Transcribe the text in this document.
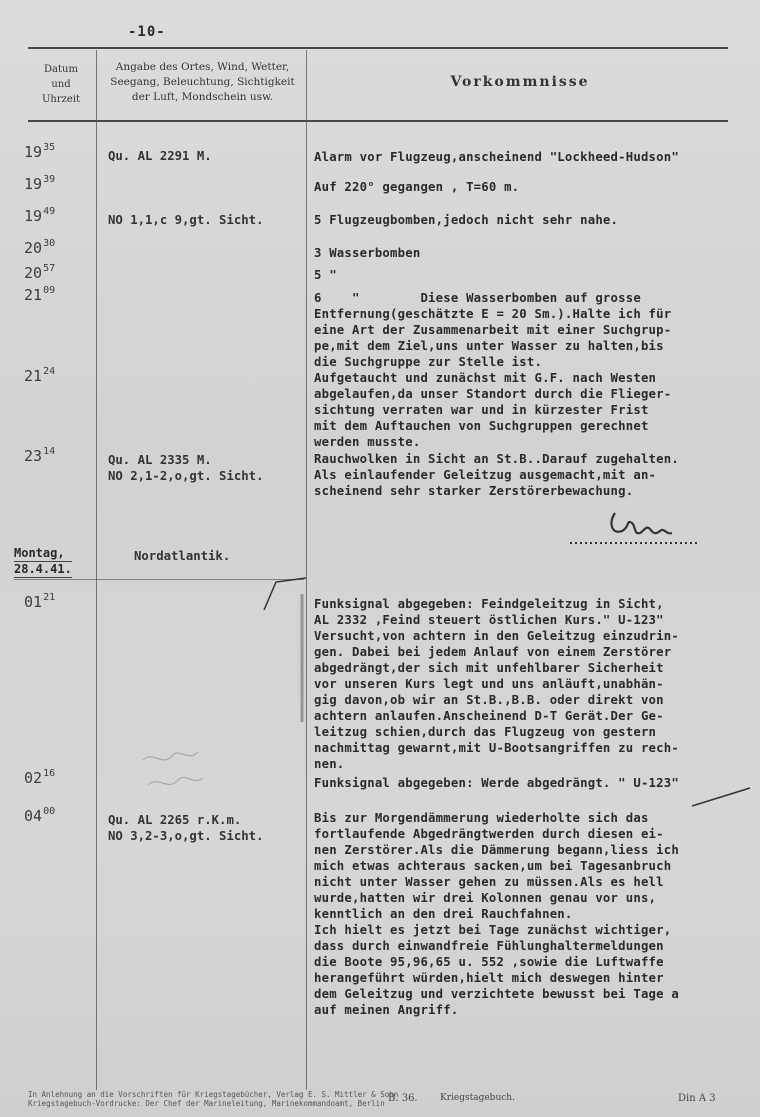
-10-
Datum
und
Uhrzeit
Angabe des Ortes, Wind, Wetter,
Seegang, Beleuchtung, Sichtigkeit
der Luft, Mondschein usw.
Vorkommnisse
$19^{35}$
$19^{39}$
$19^{49}$
$20^{30}$
$20^{57}$
$21^{09}$
$21^{24}$
$23^{14}$
$01^{21}$
$02^{16}$
$04^{00}$
Qu. AL 2291 M.
NO 1,1,c 9,gt. Sicht.
Qu. AL 2335 M.
NO 2,1-2,o,gt. Sicht.
Qu. AL 2265 r.K.m.
NO 3,2-3,o,gt. Sicht.
Montag,
28.4.41.
Nordatlantik.
Alarm vor Flugzeug,anscheinend "Lockheed-Hudson"
Auf 220° gegangen , T=60 m.
5 Flugzeugbomben,jedoch nicht sehr nahe.
3 Wasserbomben
5 "
6    "        Diese Wasserbomben auf grosse
Entfernung(geschätzte E = 20 Sm.).Halte ich für
eine Art der Zusammenarbeit mit einer Suchgrup-
pe,mit dem Ziel,uns unter Wasser zu halten,bis
die Suchgruppe zur Stelle ist.
Aufgetaucht und zunächst mit G.F. nach Westen
abgelaufen,da unser Standort durch die Flieger-
sichtung verraten war und in kürzester Frist
mit dem Auftauchen von Suchgruppen gerechnet
werden musste.
Rauchwolken in Sicht an St.B..Darauf zugehalten.
Als einlaufender Geleitzug ausgemacht,mit an-
scheinend sehr starker Zerstörerbewachung.
Funksignal abgegeben: Feindgeleitzug in Sicht,
AL 2332 ,Feind steuert östlichen Kurs." U-123"
Versucht,von achtern in den Geleitzug einzudrin-
gen. Dabei bei jedem Anlauf von einem Zerstörer
abgedrängt,der sich mit unfehlbarer Sicherheit
vor unseren Kurs legt und uns anläuft,unabhän-
gig davon,ob wir an St.B.,B.B. oder direkt von
achtern anlaufen.Anscheinend D-T Gerät.Der Ge-
leitzug schien,durch das Flugzeug von gestern
nachmittag gewarnt,mit U-Bootsangriffen zu rech-
nen.
Funksignal abgegeben: Werde abgedrängt. " U-123"
Bis zur Morgendämmerung wiederholte sich das
fortlaufende Abgedrängtwerden durch diesen ei-
nen Zerstörer.Als die Dämmerung begann,liess ich
mich etwas achteraus sacken,um bei Tagesanbruch
nicht unter Wasser gehen zu müssen.Als es hell
wurde,hatten wir drei Kolonnen genau vor uns,
kenntlich an den drei Rauchfahnen.
Ich hielt es jetzt bei Tage zunächst wichtiger,
dass durch einwandfreie Fühlunghaltermeldungen
die Boote 95,96,65 u. 552 ,sowie die Luftwaffe
herangeführt würden,hielt mich deswegen hinter
dem Geleitzug und verzichtete bewusst bei Tage a
auf meinen Angriff.
In Anlehnung an die Vorschriften für Kriegstagebücher, Verlag E. S. Mittler & Sohn
Kriegstagebuch-Vordrucke: Der Chef der Marineleitung, Marinekommandoamt, Berlin B. 36. Kriegstagebuch.	Din A 3
